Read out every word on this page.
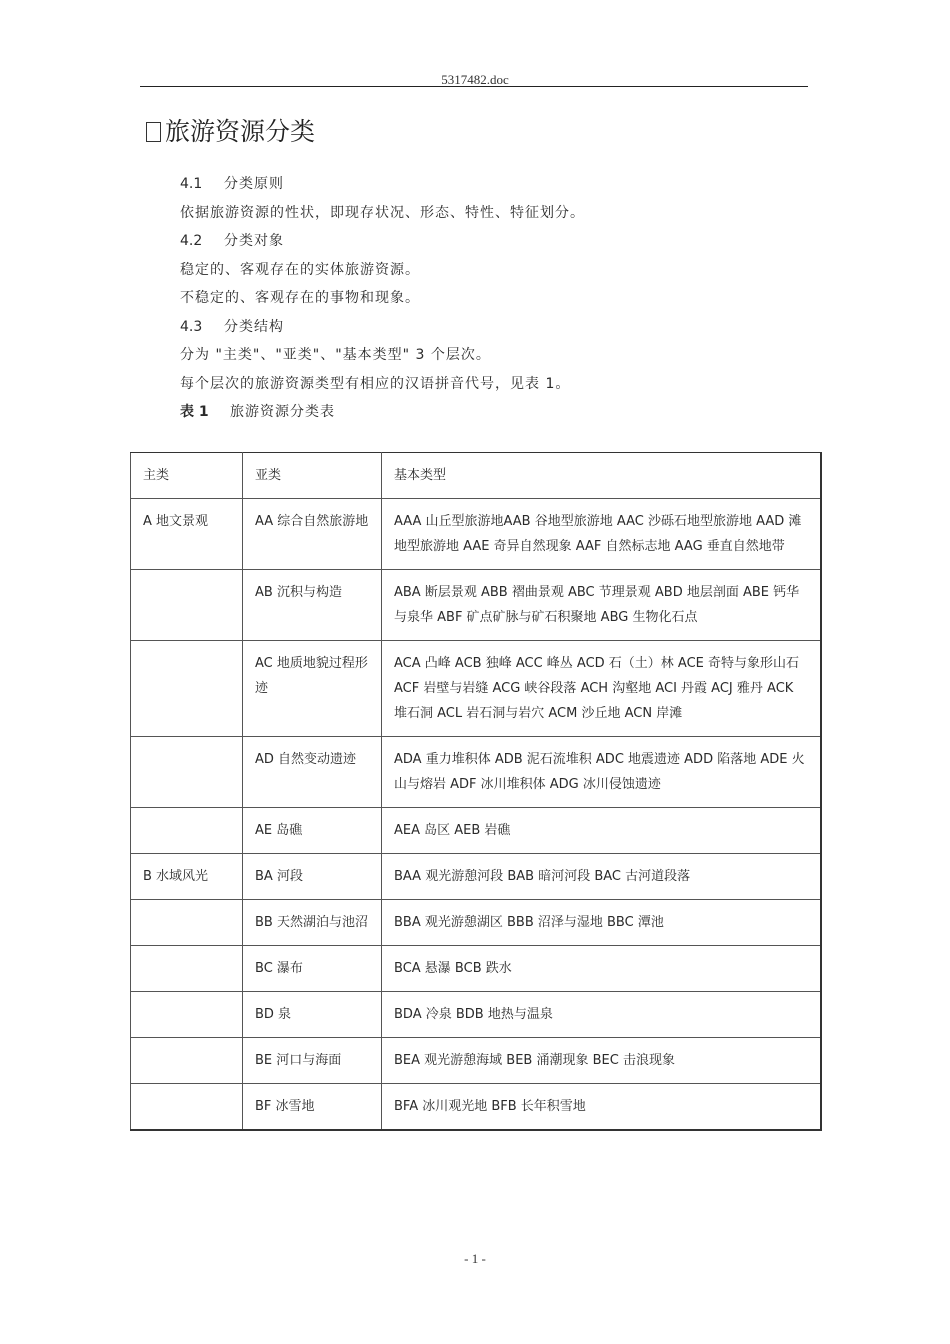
5317482.doc
旅游资源分类
4.1 分类原则
依据旅游资源的性状，即现存状况、形态、特性、特征划分。
4.2 分类对象
稳定的、客观存在的实体旅游资源。
不稳定的、客观存在的事物和现象。
4.3 分类结构
分为 "主类"、"亚类"、"基本类型" 3 个层次。
每个层次的旅游资源类型有相应的汉语拼音代号，见表 1。
表 1 旅游资源分类表
主类	亚类	基本类型
A 地文景观	AA 综合自然旅游地	AAA 山丘型旅游地AAB 谷地型旅游地 AAC 沙砾石地型旅游地 AAD 滩地型旅游地 AAE 奇异自然现象 AAF 自然标志地 AAG 垂直自然地带
	AB 沉积与构造	ABA 断层景观 ABB 褶曲景观 ABC 节理景观 ABD 地层剖面 ABE 钙华与泉华 ABF 矿点矿脉与矿石积聚地 ABG 生物化石点
	AC 地质地貌过程形迹	ACA 凸峰 ACB 独峰 ACC 峰丛 ACD 石（土）林 ACE 奇特与象形山石 ACF 岩壁与岩缝 ACG 峡谷段落 ACH 沟壑地 ACI 丹霞 ACJ 雅丹 ACK 堆石洞 ACL 岩石洞与岩穴 ACM 沙丘地 ACN 岸滩
	AD 自然变动遗迹	ADA 重力堆积体 ADB 泥石流堆积 ADC 地震遗迹 ADD 陷落地 ADE 火山与熔岩 ADF 冰川堆积体 ADG 冰川侵蚀遗迹
	AE 岛礁	AEA 岛区 AEB 岩礁
B 水域风光	BA 河段	BAA 观光游憩河段 BAB 暗河河段 BAC 古河道段落
	BB 天然湖泊与池沼	BBA 观光游憩湖区 BBB 沼泽与湿地 BBC 潭池
	BC 瀑布	BCA 悬瀑 BCB 跌水
	BD 泉	BDA 冷泉 BDB 地热与温泉
	BE 河口与海面	BEA 观光游憩海域 BEB 涌潮现象 BEC 击浪现象
	BF 冰雪地	BFA 冰川观光地 BFB 长年积雪地
- 1 -
